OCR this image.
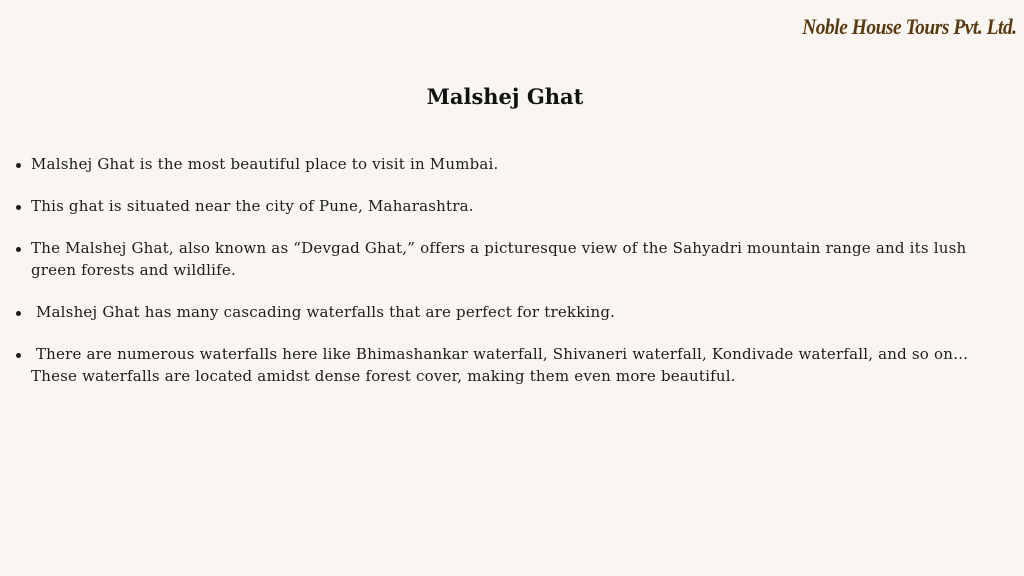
Noble House Tours Pvt. Ltd.
Malshej Ghat
Malshej Ghat is the most beautiful place to visit in Mumbai.
This ghat is situated near the city of Pune, Maharashtra.
The Malshej Ghat, also known as “Devgad Ghat,” offers a picturesque view of the Sahyadri mountain range and its lush green forests and wildlife.
Malshej Ghat has many cascading waterfalls that are perfect for trekking.
There are numerous waterfalls here like Bhimashankar waterfall, Shivaneri waterfall, Kondivade waterfall, and so on… These waterfalls are located amidst dense forest cover, making them even more beautiful.
